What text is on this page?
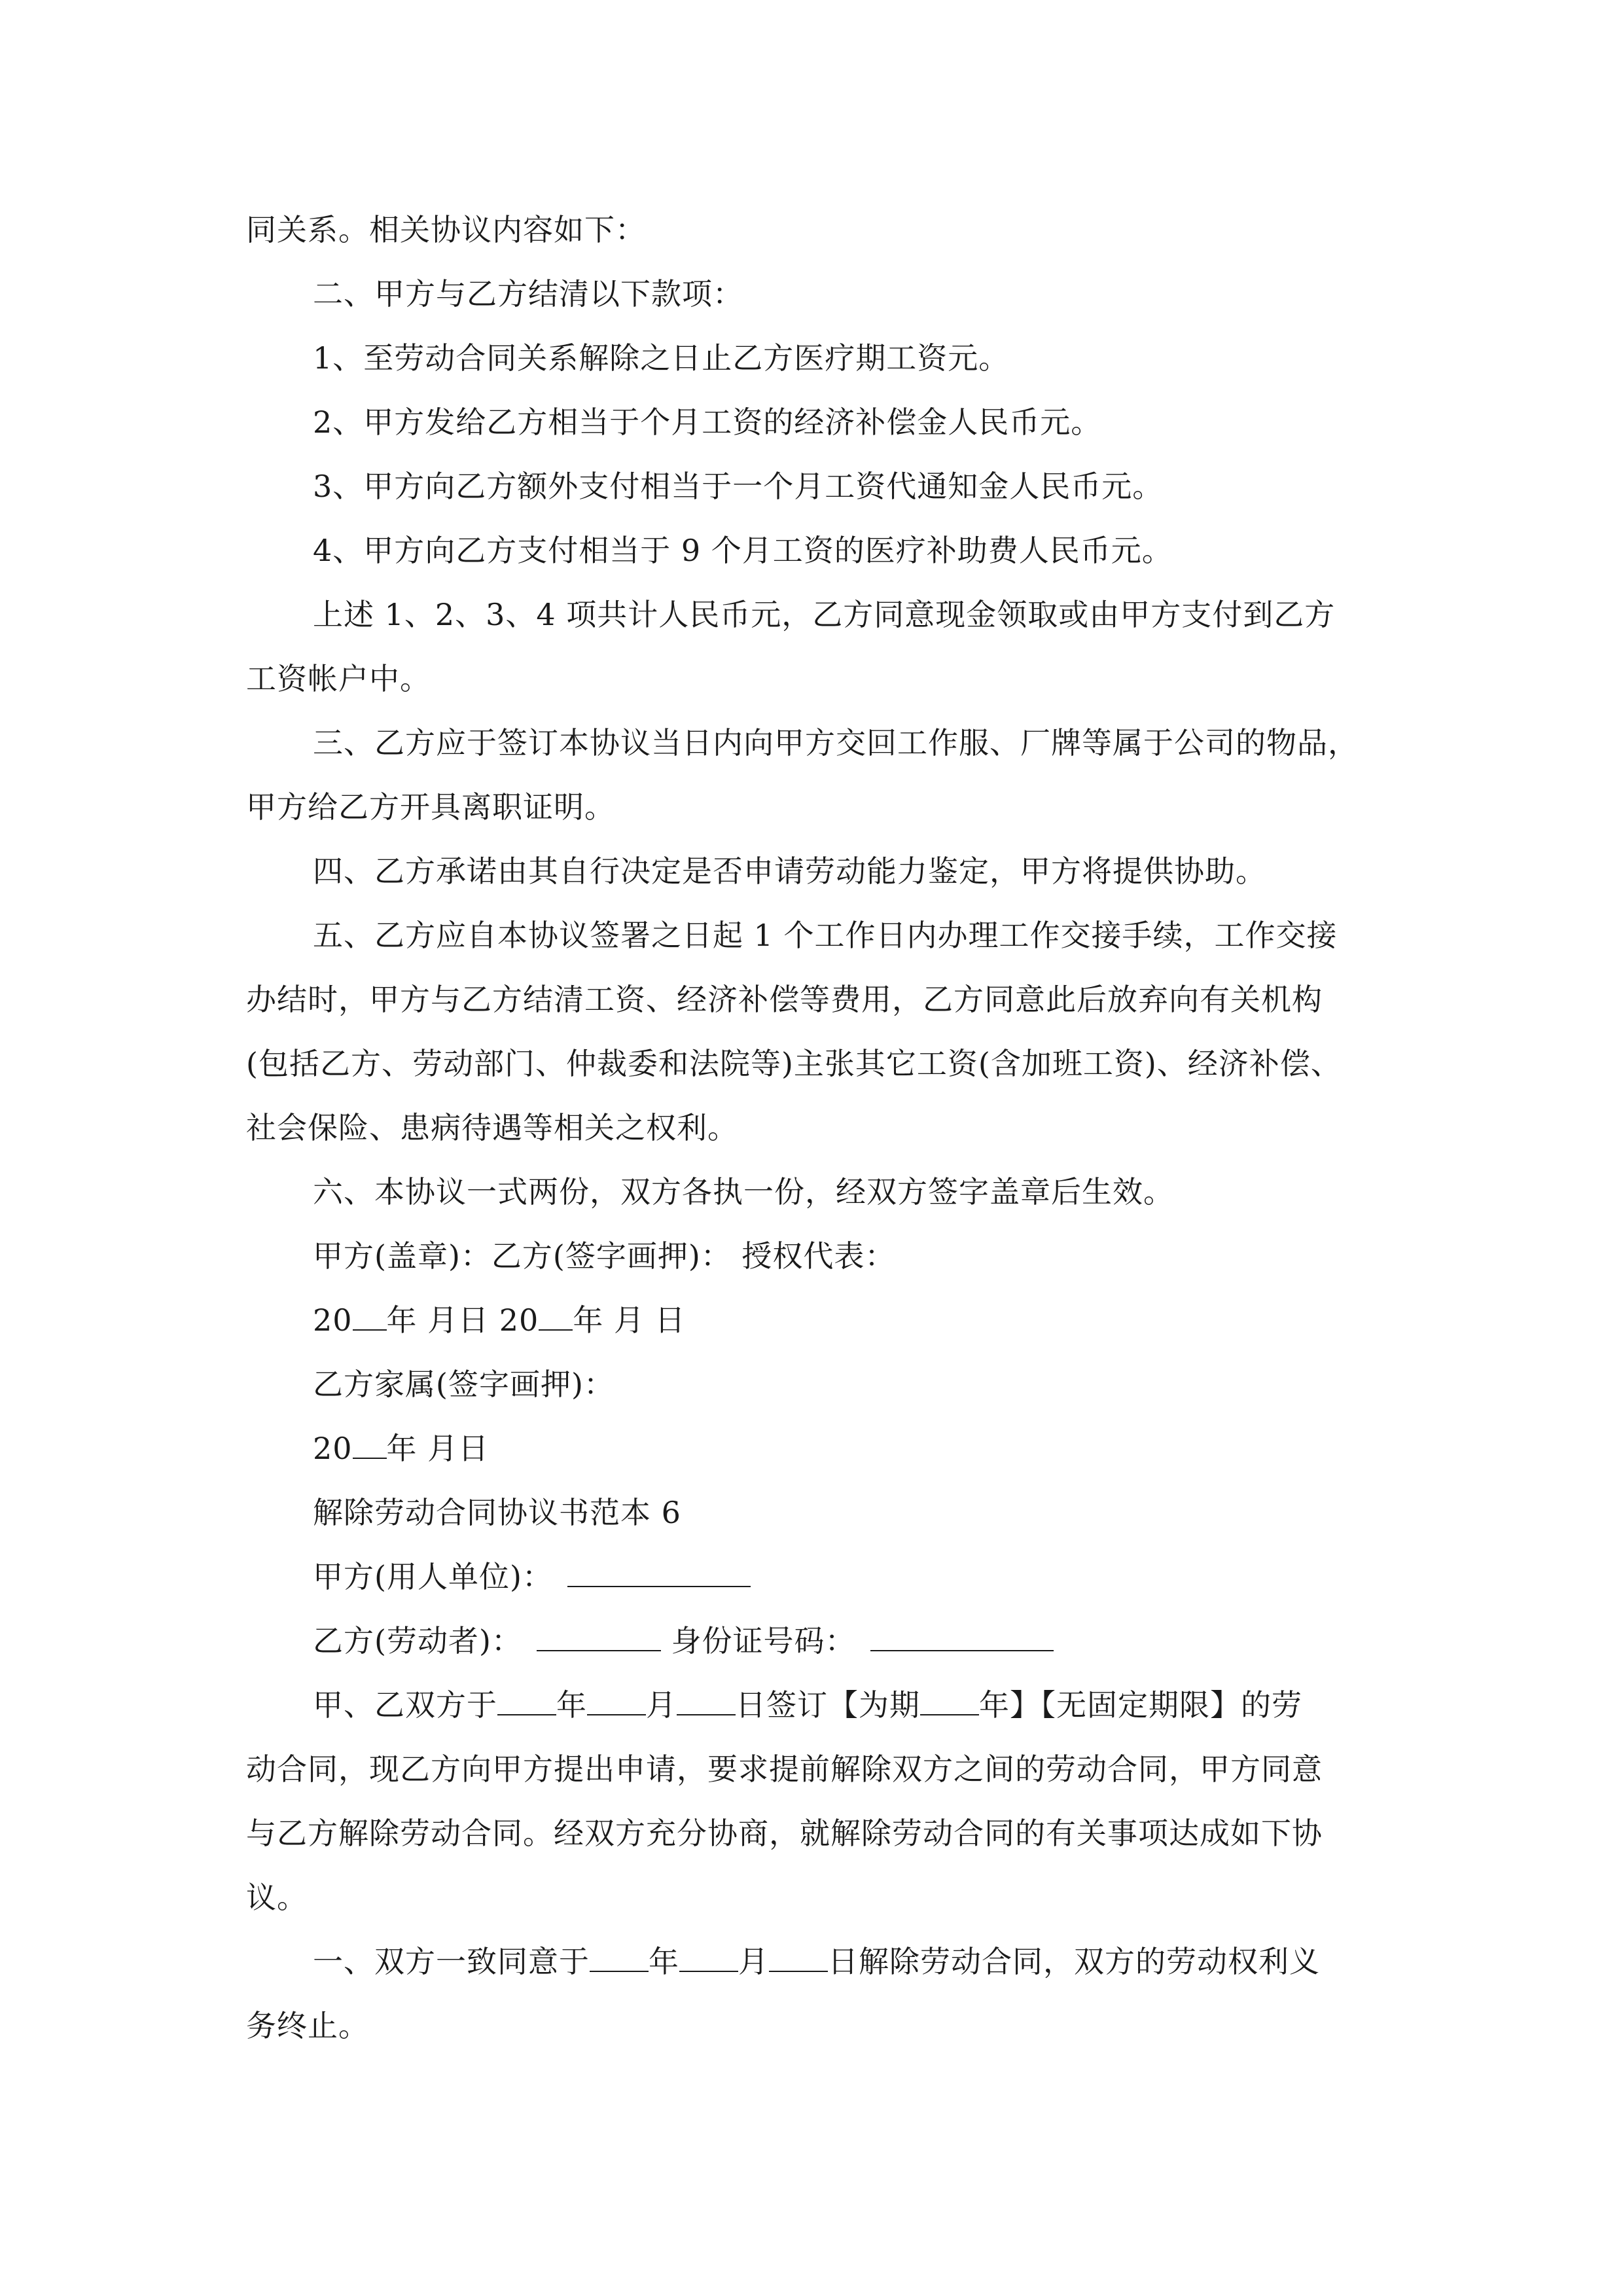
同关系。相关协议内容如下：
二、甲方与乙方结清以下款项：
1、至劳动合同关系解除之日止乙方医疗期工资元。
2、甲方发给乙方相当于个月工资的经济补偿金人民币元。
3、甲方向乙方额外支付相当于一个月工资代通知金人民币元。
4、甲方向乙方支付相当于 9 个月工资的医疗补助费人民币元。
上述 1、2、3、4 项共计人民币元，乙方同意现金领取或由甲方支付到乙方
工资帐户中。
三、乙方应于签订本协议当日内向甲方交回工作服、厂牌等属于公司的物品，
甲方给乙方开具离职证明。
四、乙方承诺由其自行决定是否申请劳动能力鉴定，甲方将提供协助。
五、乙方应自本协议签署之日起 1 个工作日内办理工作交接手续，工作交接
办结时，甲方与乙方结清工资、经济补偿等费用，乙方同意此后放弃向有关机构
(包括乙方、劳动部门、仲裁委和法院等)主张其它工资(含加班工资)、经济补偿、
社会保险、患病待遇等相关之权利。
六、本协议一式两份，双方各执一份，经双方签字盖章后生效。
甲方(盖章)：乙方(签字画押)： 授权代表：
20 年 月日 20 年 月 日
乙方家属(签字画押)：
20 年 月日
解除劳动合同协议书范本 6
甲方(用人单位)：
乙方(劳动者)：	身份证号码：
甲、乙双方于 年 月 日签订【为期 年】【无固定期限】的劳
动合同，现乙方向甲方提出申请，要求提前解除双方之间的劳动合同，甲方同意
与乙方解除劳动合同。经双方充分协商，就解除劳动合同的有关事项达成如下协
议。
一、双方一致同意于 年 月 日解除劳动合同，双方的劳动权利义
务终止。
